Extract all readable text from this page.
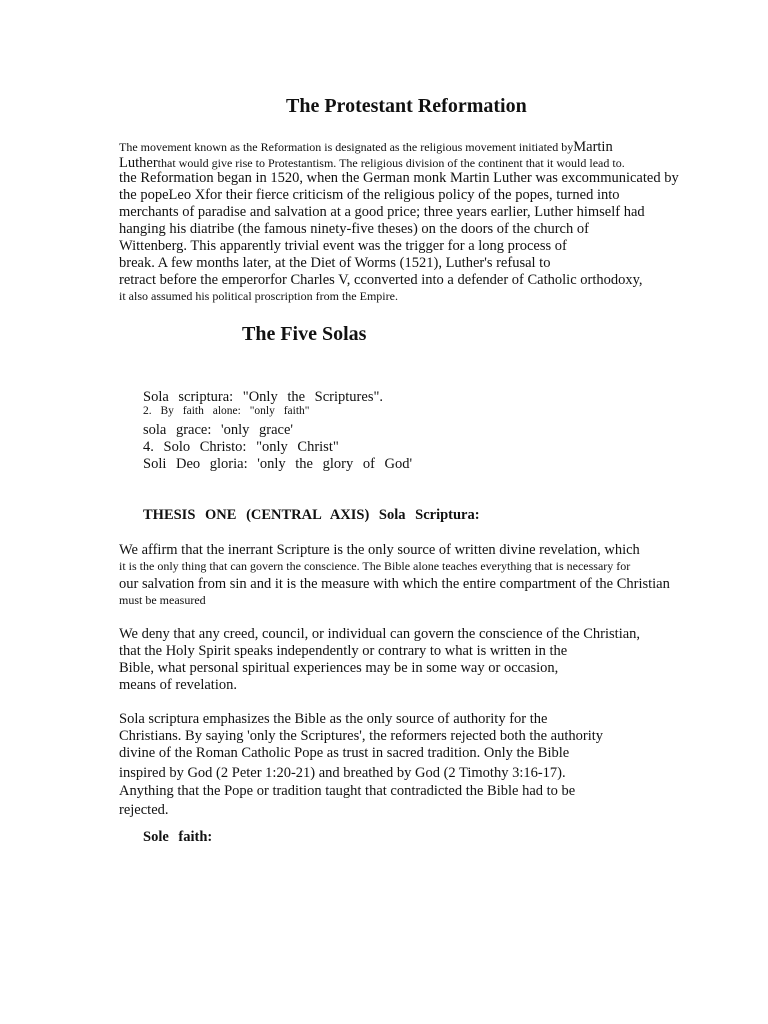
The Protestant Reformation
The movement known as the Reformation is designated as the religious movement initiated byMartin
Lutherthat would give rise to Protestantism. The religious division of the continent that it would lead to.
the Reformation began in 1520, when the German monk Martin Luther was excommunicated by
the popeLeo Xfor their fierce criticism of the religious policy of the popes, turned into
merchants of paradise and salvation at a good price; three years earlier, Luther himself had
hanging his diatribe (the famous ninety-five theses) on the doors of the church of
Wittenberg. This apparently trivial event was the trigger for a long process of
break. A few months later, at the Diet of Worms (1521), Luther's refusal to
retract before the emperorfor Charles V, cconverted into a defender of Catholic orthodoxy,
it also assumed his political proscription from the Empire.
The Five Solas
Sola scriptura: "Only the Scriptures".
2. By faith alone: "only faith"
sola grace: 'only grace'
4. Solo Christo: "only Christ"
Soli Deo gloria: 'only the glory of God'
THESIS ONE (CENTRAL AXIS) Sola Scriptura:
We affirm that the inerrant Scripture is the only source of written divine revelation, which
it is the only thing that can govern the conscience. The Bible alone teaches everything that is necessary for
our salvation from sin and it is the measure with which the entire compartment of the Christian
must be measured
We deny that any creed, council, or individual can govern the conscience of the Christian,
that the Holy Spirit speaks independently or contrary to what is written in the
Bible, what personal spiritual experiences may be in some way or occasion,
means of revelation.
Sola scriptura emphasizes the Bible as the only source of authority for the
Christians. By saying 'only the Scriptures', the reformers rejected both the authority
divine of the Roman Catholic Pope as trust in sacred tradition. Only the Bible
inspired by God (2 Peter 1:20-21) and breathed by God (2 Timothy 3:16-17).
Anything that the Pope or tradition taught that contradicted the Bible had to be
rejected.
Sole faith:
